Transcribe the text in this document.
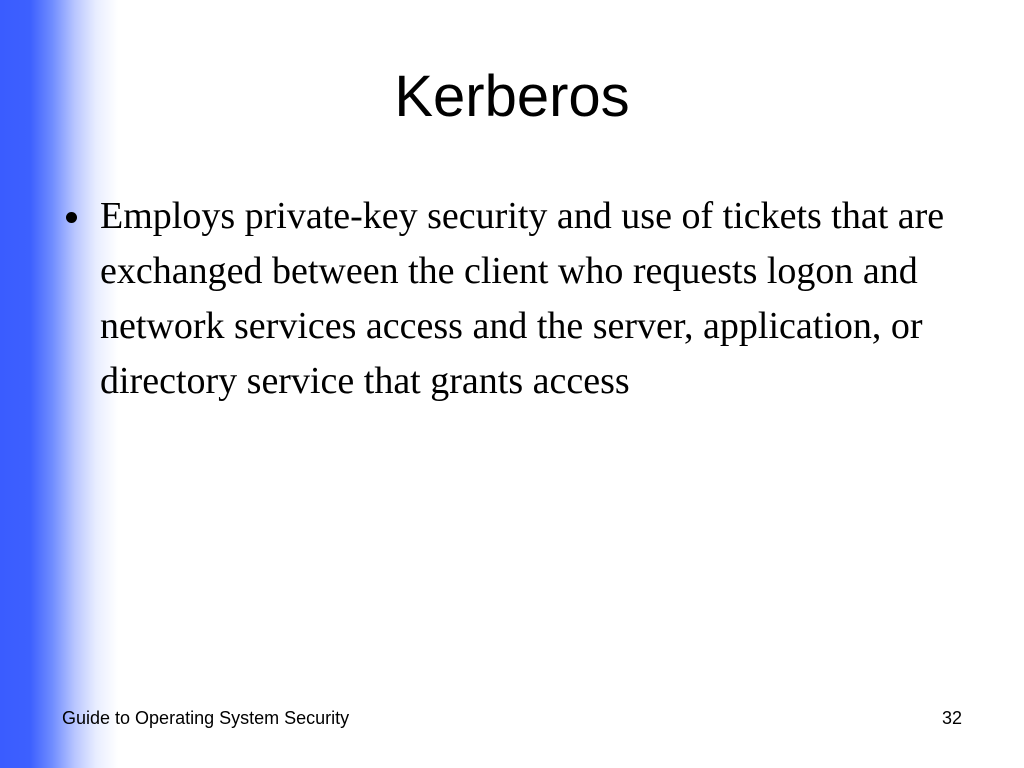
Kerberos
Employs private-key security and use of tickets that are exchanged between the client who requests logon and network services access and the server, application, or directory service that grants access
Guide to Operating System Security	32
